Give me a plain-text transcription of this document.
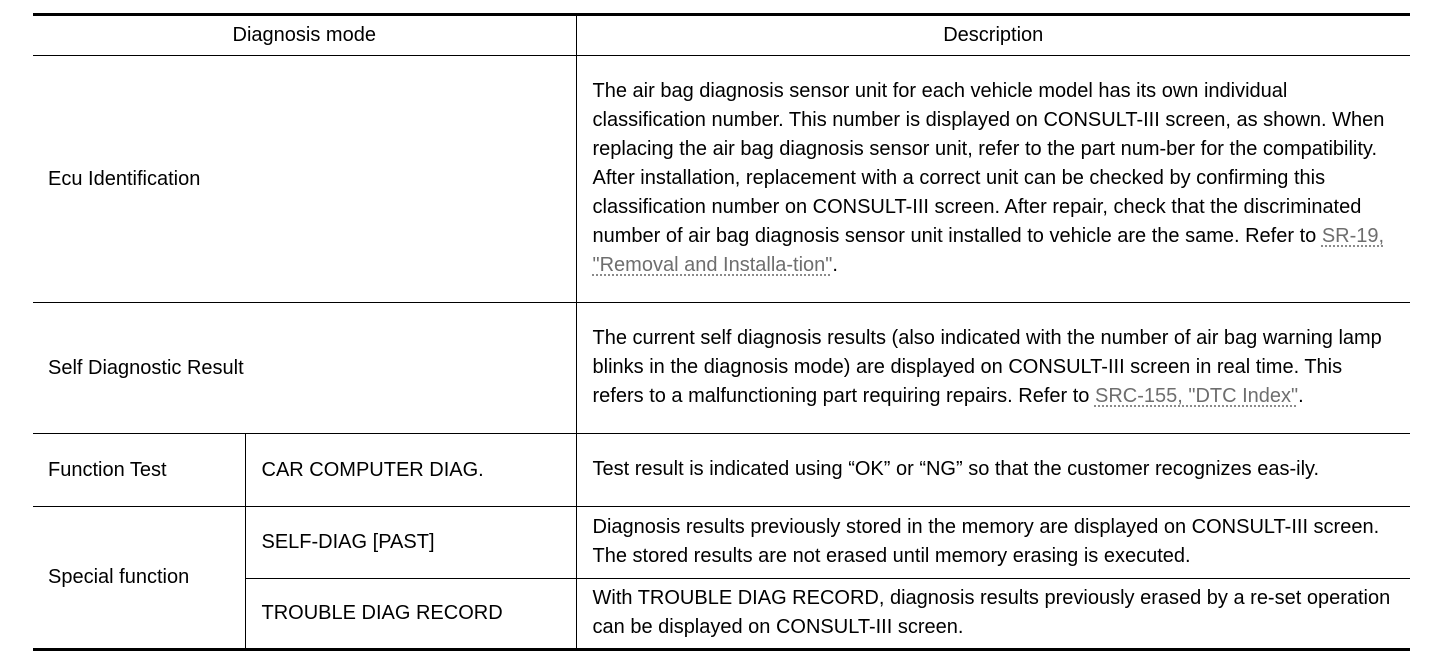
Diagnosis mode		Description
Ecu Identification		The air bag diagnosis sensor unit for each vehicle model has its own individual classification number. This number is displayed on CONSULT-III screen, as shown. When replacing the air bag diagnosis sensor unit, refer to the part num-ber for the compatibility. After installation, replacement with a correct unit can be checked by confirming this classification number on CONSULT-III screen. After repair, check that the discriminated number of air bag diagnosis sensor unit installed to vehicle are the same. Refer to SR-19, "Removal and Installa-tion".
Self Diagnostic Result		The current self diagnosis results (also indicated with the number of air bag warning lamp blinks in the diagnosis mode) are displayed on CONSULT-III screen in real time. This refers to a malfunctioning part requiring repairs. Refer to SRC-155, "DTC Index".
Function Test	CAR COMPUTER DIAG.	Test result is indicated using “OK” or “NG” so that the customer recognizes eas-ily.
Special function	SELF-DIAG [PAST]	Diagnosis results previously stored in the memory are displayed on CONSULT-III screen. The stored results are not erased until memory erasing is executed.
	TROUBLE DIAG RECORD	With TROUBLE DIAG RECORD, diagnosis results previously erased by a re-set operation can be displayed on CONSULT-III screen.
